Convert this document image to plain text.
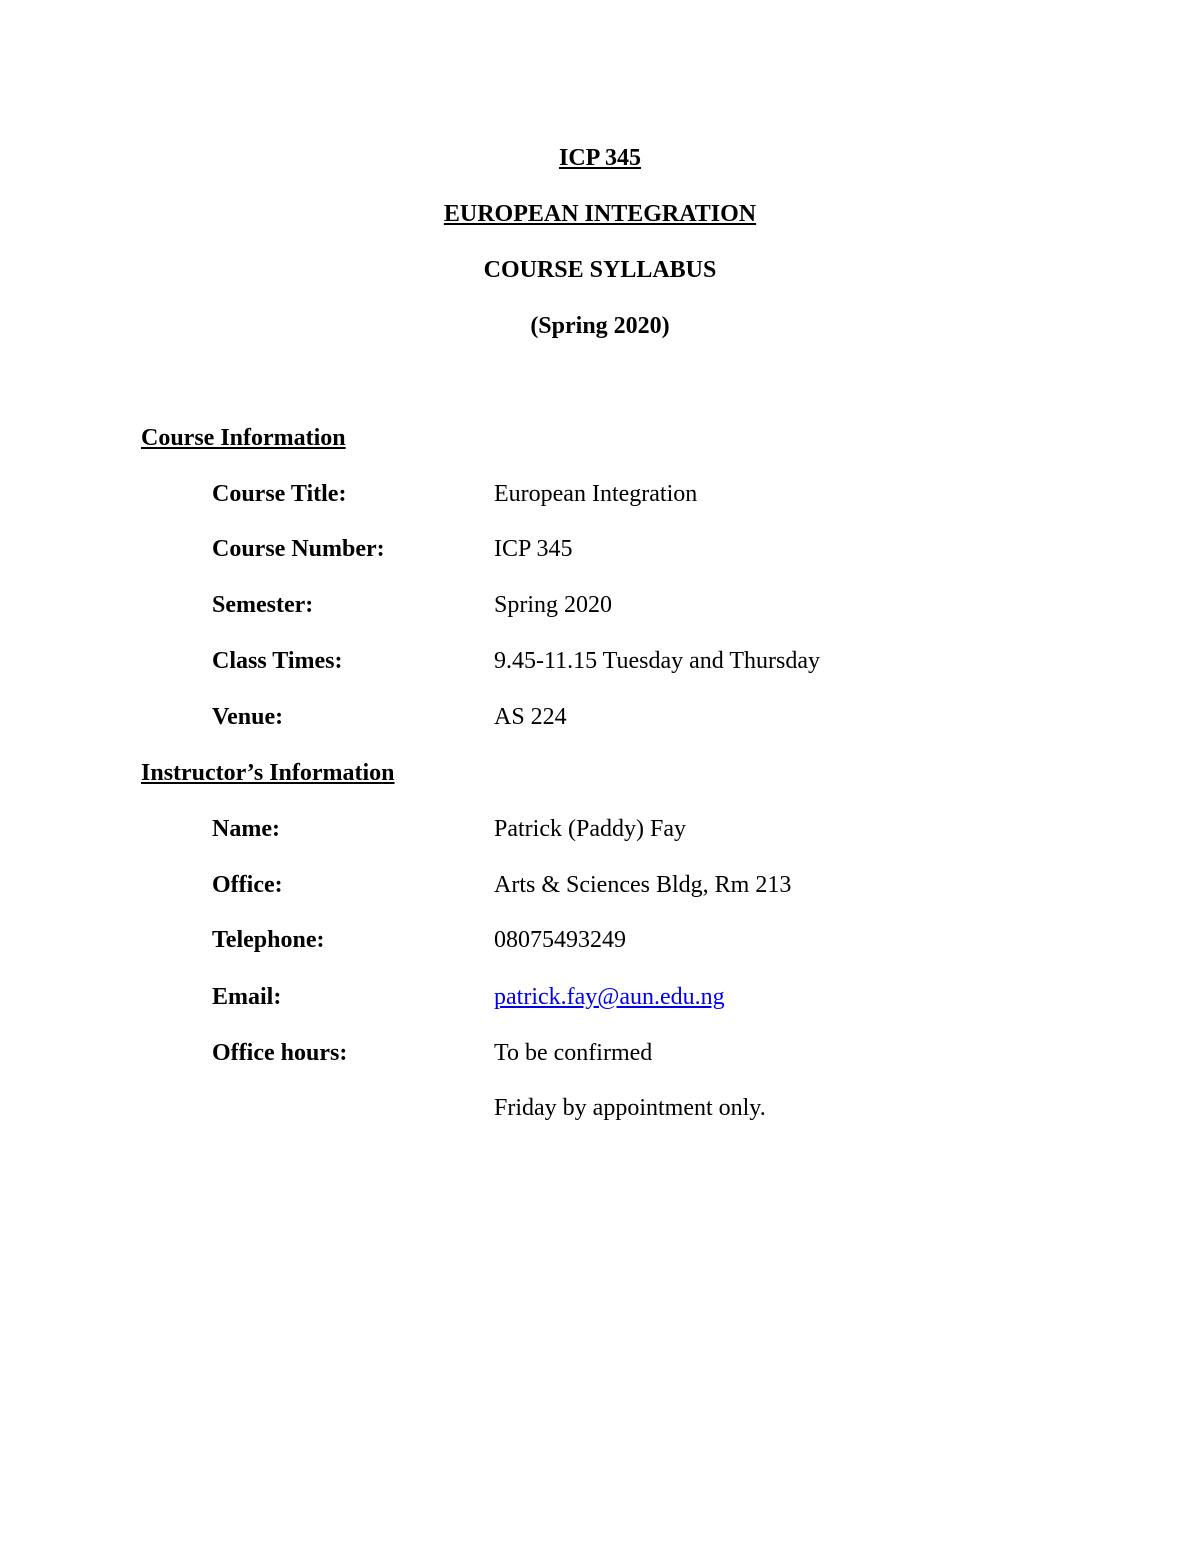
ICP 345
EUROPEAN INTEGRATION
COURSE SYLLABUS
(Spring 2020)
Course Information
Course Title:	European Integration
Course Number:	ICP 345
Semester:	Spring 2020
Class Times:	9.45-11.15 Tuesday and Thursday
Venue:	AS 224
Instructor’s Information
Name:	Patrick (Paddy) Fay
Office:	Arts & Sciences Bldg, Rm 213
Telephone:	08075493249
Email:	patrick.fay@aun.edu.ng
Office hours:	To be confirmed
Friday by appointment only.
